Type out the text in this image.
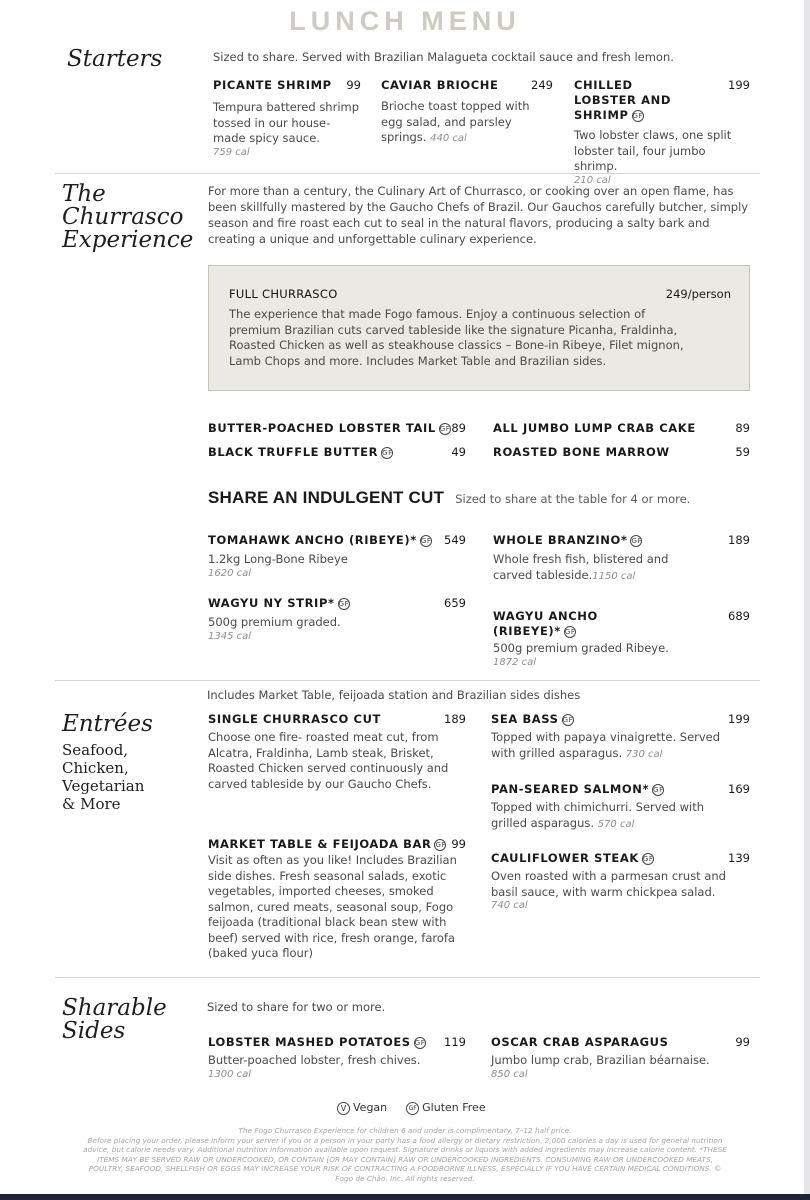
LUNCH MENU
Starters	Sized to share. Served with Brazilian Malagueta cocktail sauce and fresh lemon.
PICANTE SHRIMP 99
Tempura battered shrimp tossed in our house-made spicy sauce.
759 cal
CAVIAR BRIOCHE	249
Brioche toast topped with egg salad, and parsley springs. 440 cal
CHILLED LOBSTER AND SHRIMP GF
199
Two lobster claws, one split lobster tail, four jumbo shrimp.
210 cal
The
Churrasco
Experience
For more than a century, the Culinary Art of Churrasco, or cooking over an open flame, has been skillfully mastered by the Gaucho Chefs of Brazil. Our Gauchos carefully butcher, simply season and fire roast each cut to seal in the natural flavors, producing a salty bark and creating a unique and unforgettable culinary experience.
FULL CHURRASCO	249/person
The experience that made Fogo famous. Enjoy a continuous selection of premium Brazilian cuts carved tableside like the signature Picanha, Fraldinha, Roasted Chicken as well as steakhouse classics – Bone-in Ribeye, Filet mignon, Lamb Chops and more. Includes Market Table and Brazilian sides.
BUTTER-POACHED LOBSTER TAIL GF 89 ALL JUMBO LUMP CRAB CAKE	89
BLACK TRUFFLE BUTTER GF	49 ROASTED BONE MARROW	59
SHARE AN INDULGENT CUT Sized to share at the table for 4 or more.
TOMAHAWK ANCHO (RIBEYE)* GF 549
1.2kg Long-Bone Ribeye
1620 cal
WHOLE BRANZINO* GF	189
Whole fresh fish, blistered and carved tableside.1150 cal
WAGYU NY STRIP* GF	659
500g premium graded.
1345 cal
WAGYU ANCHO (RIBEYE)* GF
689
500g premium graded Ribeye.
1872 cal
Includes Market Table, feijoada station and Brazilian sides dishes
Entrées
Seafood,
Chicken,
Vegetarian
& More
SINGLE CHURRASCO CUT	189
Choose one fire- roasted meat cut, from Alcatra, Fraldinha, Lamb steak, Brisket, Roasted Chicken served continuously and carved tableside by our Gaucho Chefs.
SEA BASS GF	199
Topped with papaya vinaigrette. Served with grilled asparagus. 730 cal
PAN-SEARED SALMON* GF	169
Topped with chimichurri. Served with grilled asparagus. 570 cal
MARKET TABLE & FEIJOADA BAR GF 99
Visit as often as you like! Includes Brazilian side dishes. Fresh seasonal salads, exotic vegetables, imported cheeses, smoked salmon, cured meats, seasonal soup, Fogo feijoada (traditional black bean stew with beef) served with rice, fresh orange, farofa (baked yuca flour)
CAULIFLOWER STEAK GF	139
Oven roasted with a parmesan crust and basil sauce, with warm chickpea salad.
740 cal
Sharable
Sides
Sized to share for two or more.
LOBSTER MASHED POTATOES GF 119
Butter-poached lobster, fresh chives.
1300 cal
OSCAR CRAB ASPARAGUS	99
Jumbo lump crab, Brazilian béarnaise.
850 cal
V Vegan	GF Gluten Free
The Fogo Churrasco Experience for children 6 and under is complimentary, 7–12 half price.
Before placing your order, please inform your server if you or a person in your party has a food allergy or dietary restriction. 2,000 calories a day is used for general nutrition advice, but calorie needs vary. Additional nutrition information available upon request. Signature drinks or liquors with added ingredients may increase calorie content. *THESE ITEMS MAY BE SERVED RAW OR UNDERCOOKED, OR CONTAIN [OR MAY CONTAIN] RAW OR UNDERCOOKED INGREDIENTS. CONSUMING RAW OR UNDERCOOKED MEATS, POULTRY, SEAFOOD, SHELLFISH OR EGGS MAY INCREASE YOUR RISK OF CONTRACTING A FOODBORNE ILLNESS, ESPECIALLY IF YOU HAVE CERTAIN MEDICAL CONDITIONS. © Fogo de Chão, Inc. All rights reserved.
